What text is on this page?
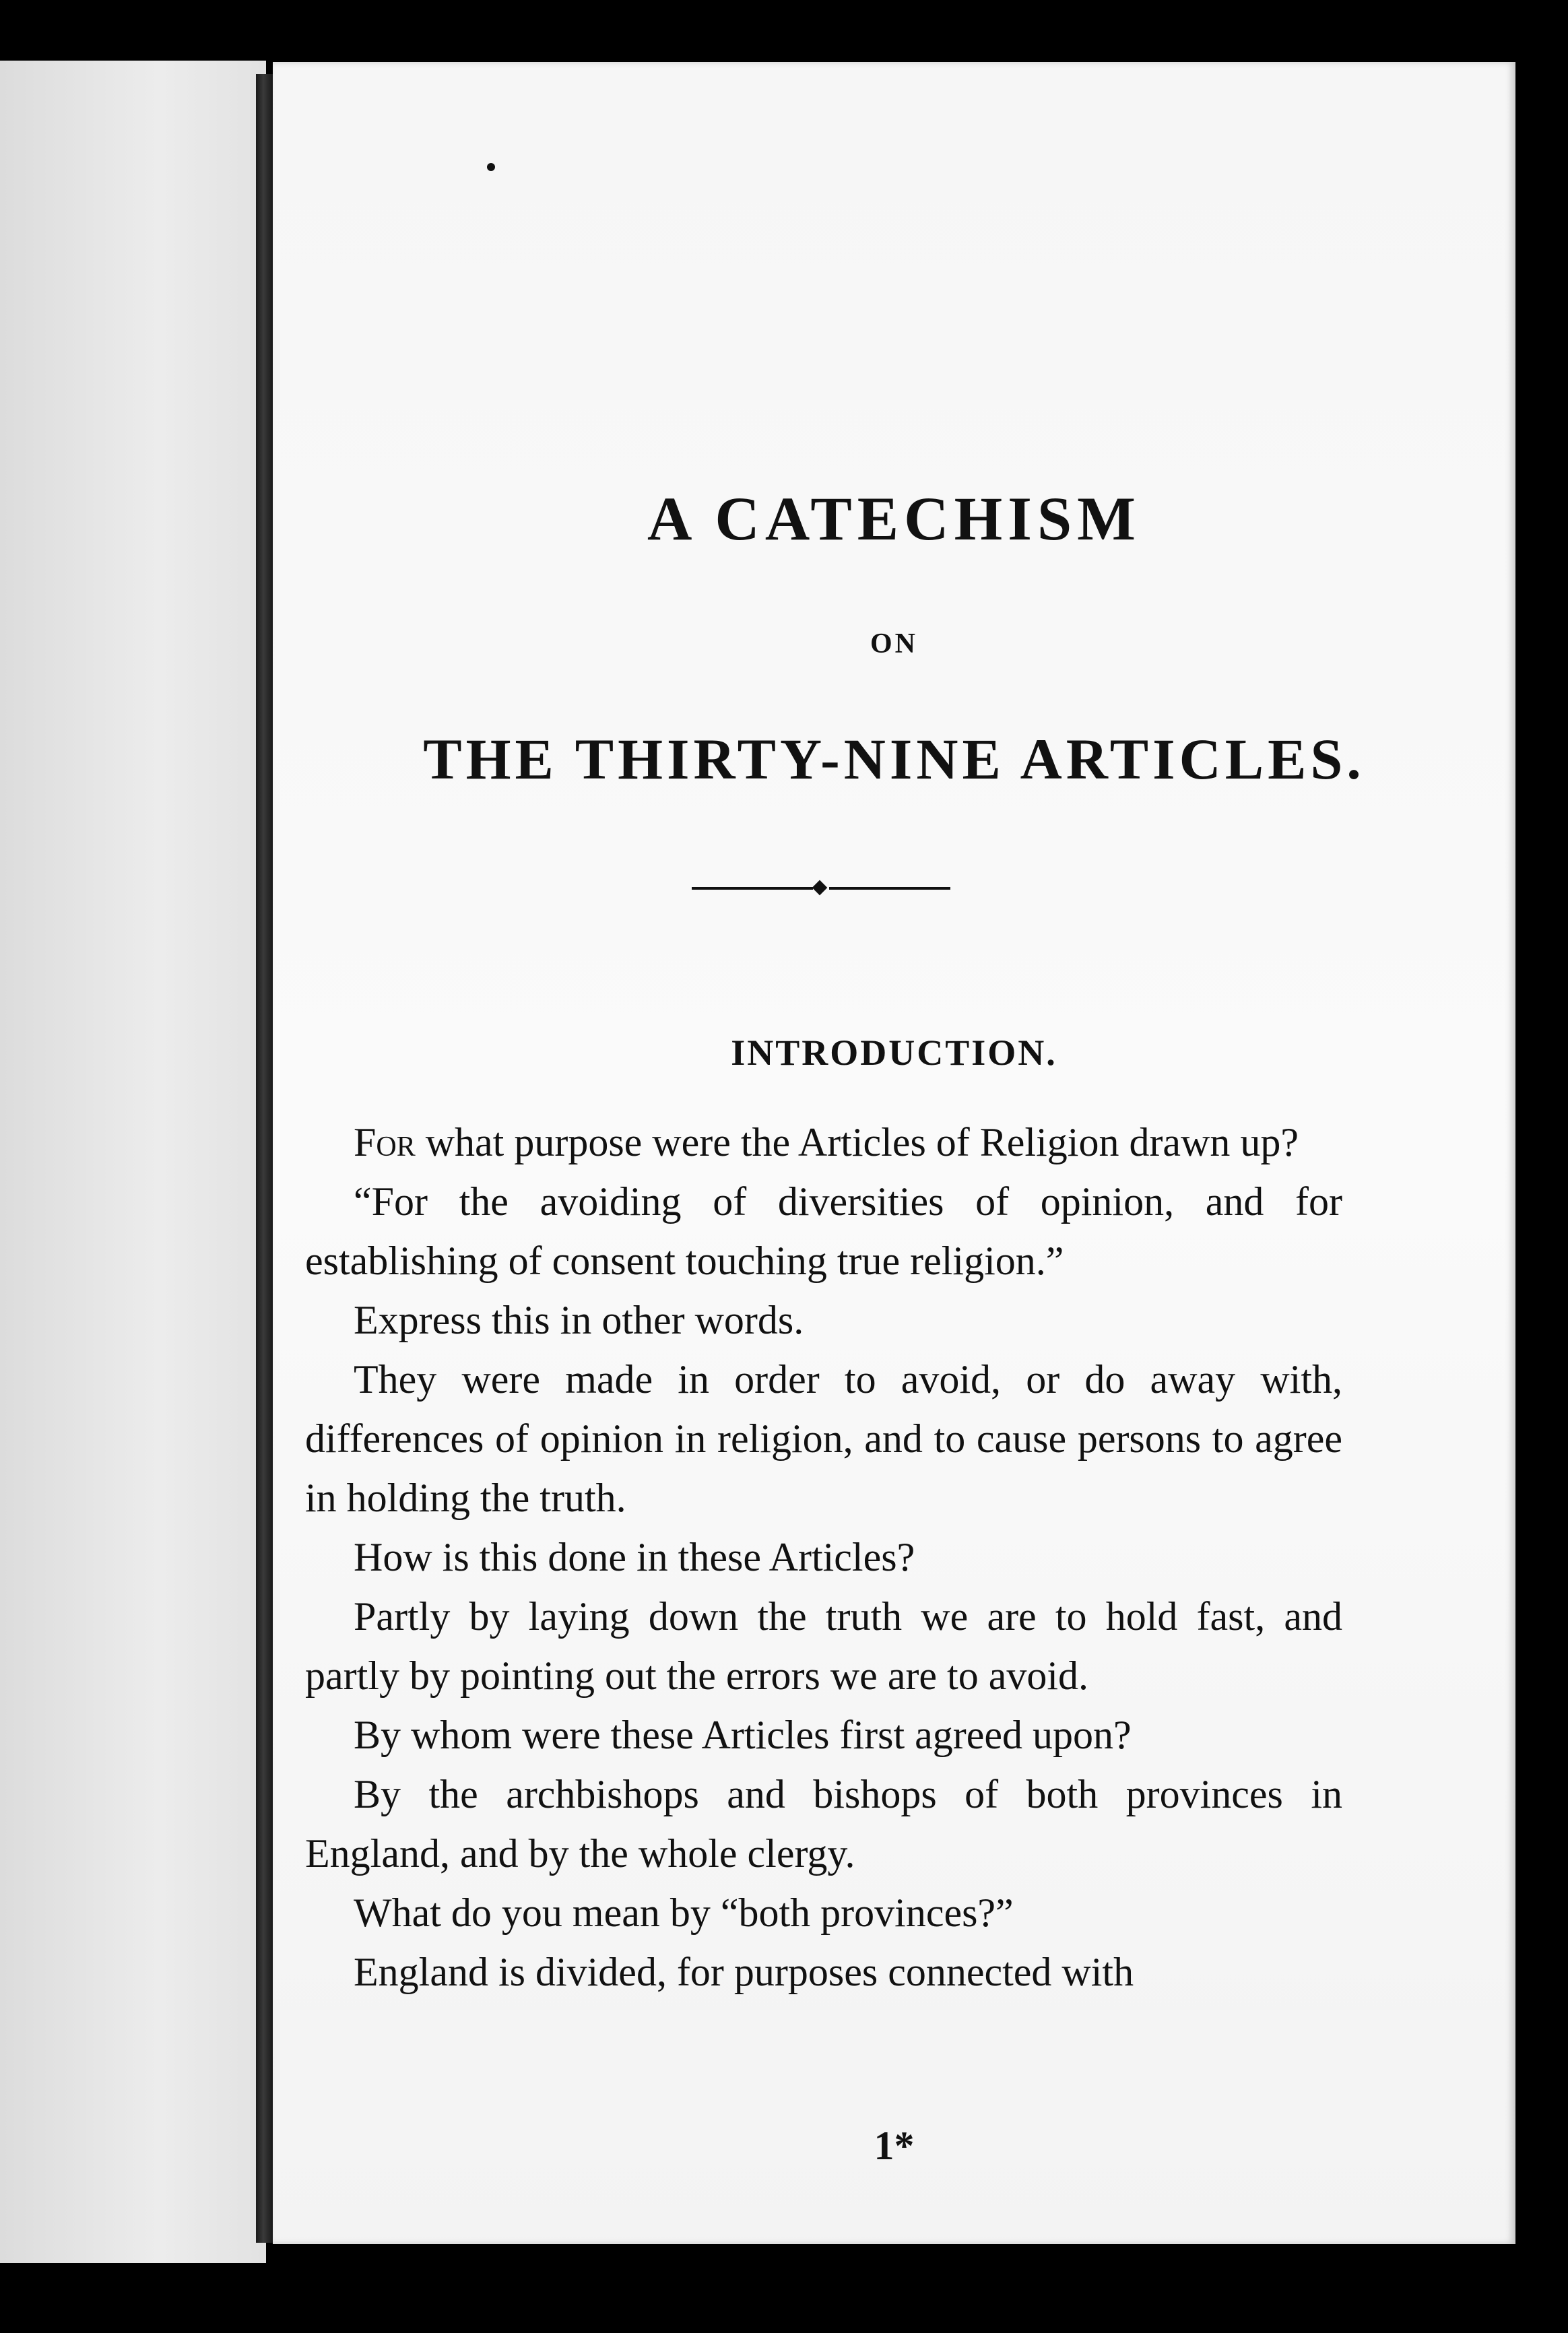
A CATECHISM
ON
THE THIRTY-NINE ARTICLES.
INTRODUCTION.

For what purpose were the Articles of Religion drawn up?

“For the avoiding of diversities of opinion, and for establishing of consent touching true religion.”

Express this in other words.

They were made in order to avoid, or do away with, differences of opinion in religion, and to cause persons to agree in holding the truth.

How is this done in these Articles?

Partly by laying down the truth we are to hold fast, and partly by pointing out the errors we are to avoid.

By whom were these Articles first agreed upon?

By the archbishops and bishops of both provinces in England, and by the whole clergy.

What do you mean by “both provinces?”

England is divided, for purposes connected with

1*
